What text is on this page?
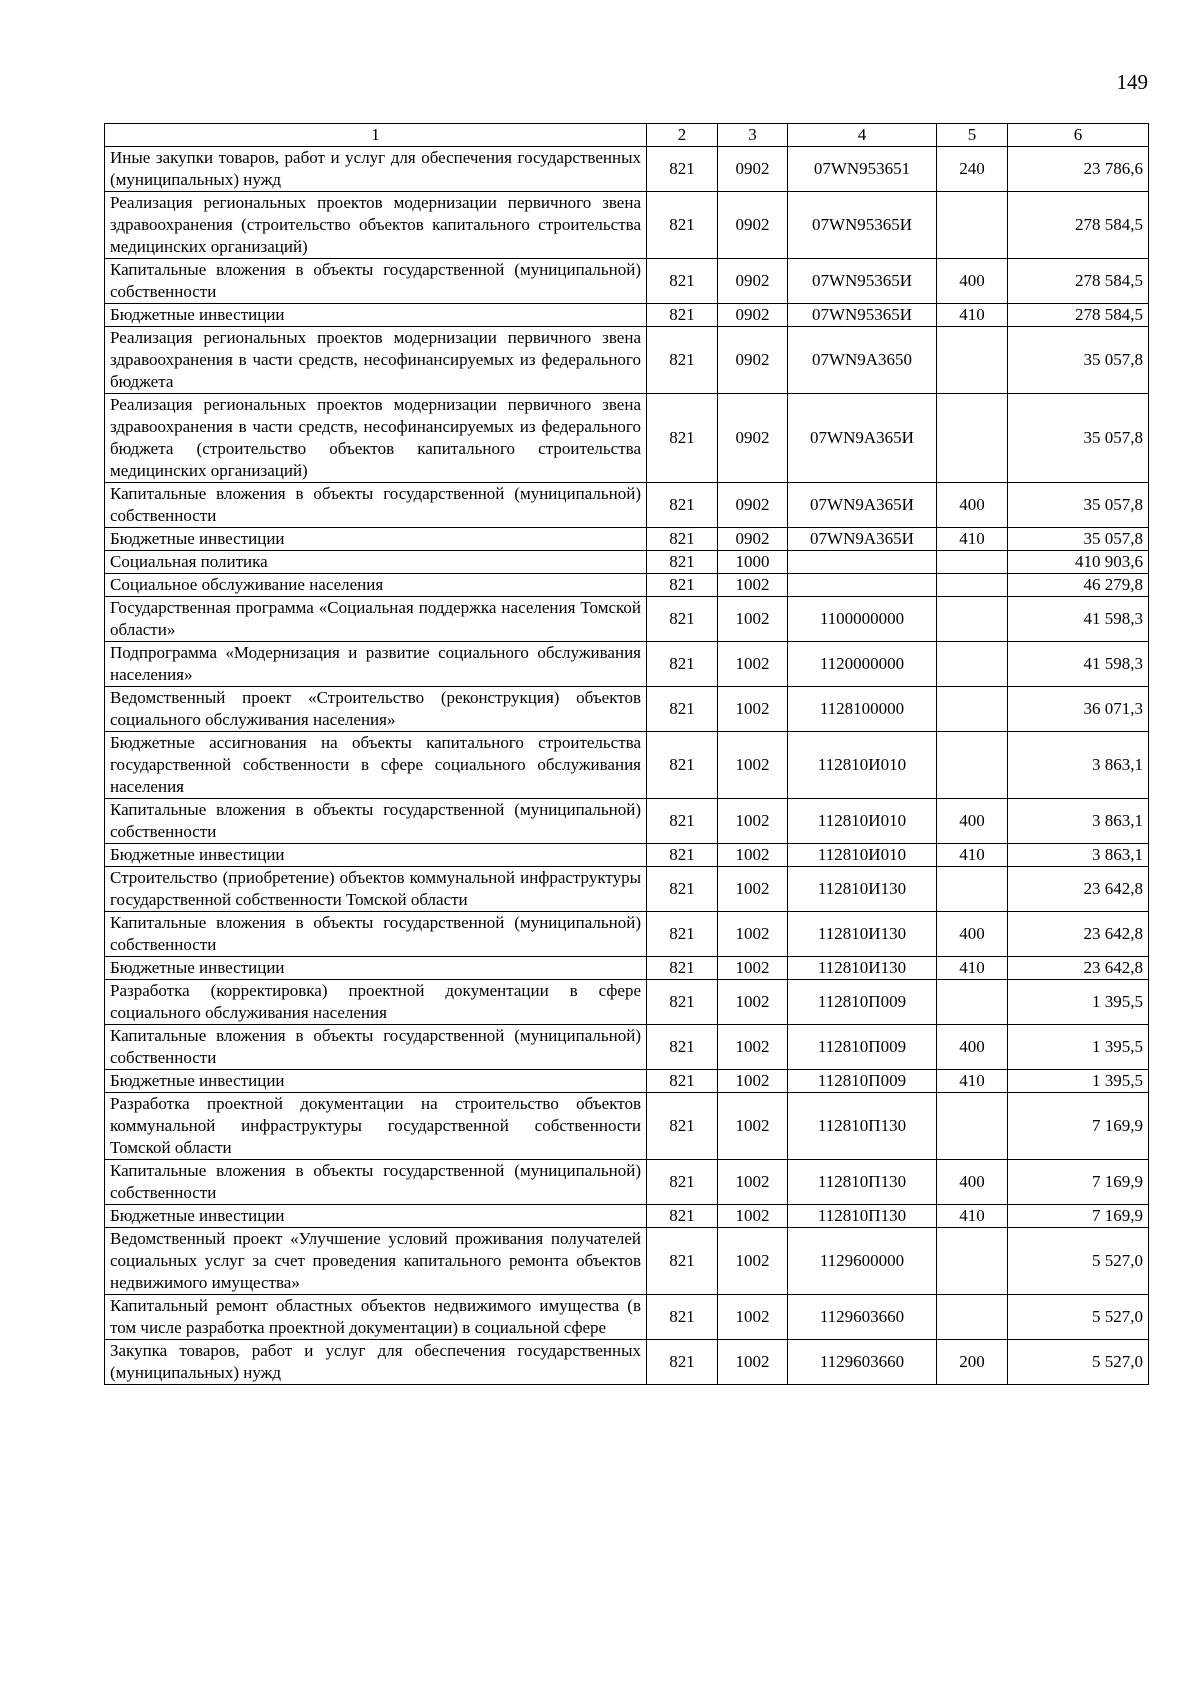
149
1	2	3	4	5	6
Иные закупки товаров, работ и услуг для обеспечения государственных (муниципальных) нужд	821	0902	07WN953651	240	23 786,6
Реализация региональных проектов модернизации первичного звена здравоохранения (строительство объектов капитального строительства медицинских организаций)	821	0902	07WN95365И		278 584,5
Капитальные вложения в объекты государственной (муниципальной) собственности	821	0902	07WN95365И	400	278 584,5
Бюджетные инвестиции	821	0902	07WN95365И	410	278 584,5
Реализация региональных проектов модернизации первичного звена здравоохранения в части средств, несофинансируемых из федерального бюджета	821	0902	07WN9A3650		35 057,8
Реализация региональных проектов модернизации первичного звена здравоохранения в части средств, несофинансируемых из федерального бюджета (строительство объектов капитального строительства медицинских организаций)	821	0902	07WN9A365И		35 057,8
Капитальные вложения в объекты государственной (муниципальной) собственности	821	0902	07WN9A365И	400	35 057,8
Бюджетные инвестиции	821	0902	07WN9A365И	410	35 057,8
Социальная политика	821	1000			410 903,6
Социальное обслуживание населения	821	1002			46 279,8
Государственная программа «Социальная поддержка населения Томской области»	821	1002	1100000000		41 598,3
Подпрограмма «Модернизация и развитие социального обслуживания населения»	821	1002	1120000000		41 598,3
Ведомственный проект «Строительство (реконструкция) объектов социального обслуживания населения»	821	1002	1128100000		36 071,3
Бюджетные ассигнования на объекты капитального строительства государственной собственности в сфере социального обслуживания населения	821	1002	112810И010		3 863,1
Капитальные вложения в объекты государственной (муниципальной) собственности	821	1002	112810И010	400	3 863,1
Бюджетные инвестиции	821	1002	112810И010	410	3 863,1
Строительство (приобретение) объектов коммунальной инфраструктуры государственной собственности Томской области	821	1002	112810И130		23 642,8
Капитальные вложения в объекты государственной (муниципальной) собственности	821	1002	112810И130	400	23 642,8
Бюджетные инвестиции	821	1002	112810И130	410	23 642,8
Разработка (корректировка) проектной документации в сфере социального обслуживания населения	821	1002	112810П009		1 395,5
Капитальные вложения в объекты государственной (муниципальной) собственности	821	1002	112810П009	400	1 395,5
Бюджетные инвестиции	821	1002	112810П009	410	1 395,5
Разработка проектной документации на строительство объектов коммунальной инфраструктуры государственной собственности Томской области	821	1002	112810П130		7 169,9
Капитальные вложения в объекты государственной (муниципальной) собственности	821	1002	112810П130	400	7 169,9
Бюджетные инвестиции	821	1002	112810П130	410	7 169,9
Ведомственный проект «Улучшение условий проживания получателей социальных услуг за счет проведения капитального ремонта объектов недвижимого имущества»	821	1002	1129600000		5 527,0
Капитальный ремонт областных объектов недвижимого имущества (в том числе разработка проектной документации) в социальной сфере	821	1002	1129603660		5 527,0
Закупка товаров, работ и услуг для обеспечения государственных (муниципальных) нужд	821	1002	1129603660	200	5 527,0
